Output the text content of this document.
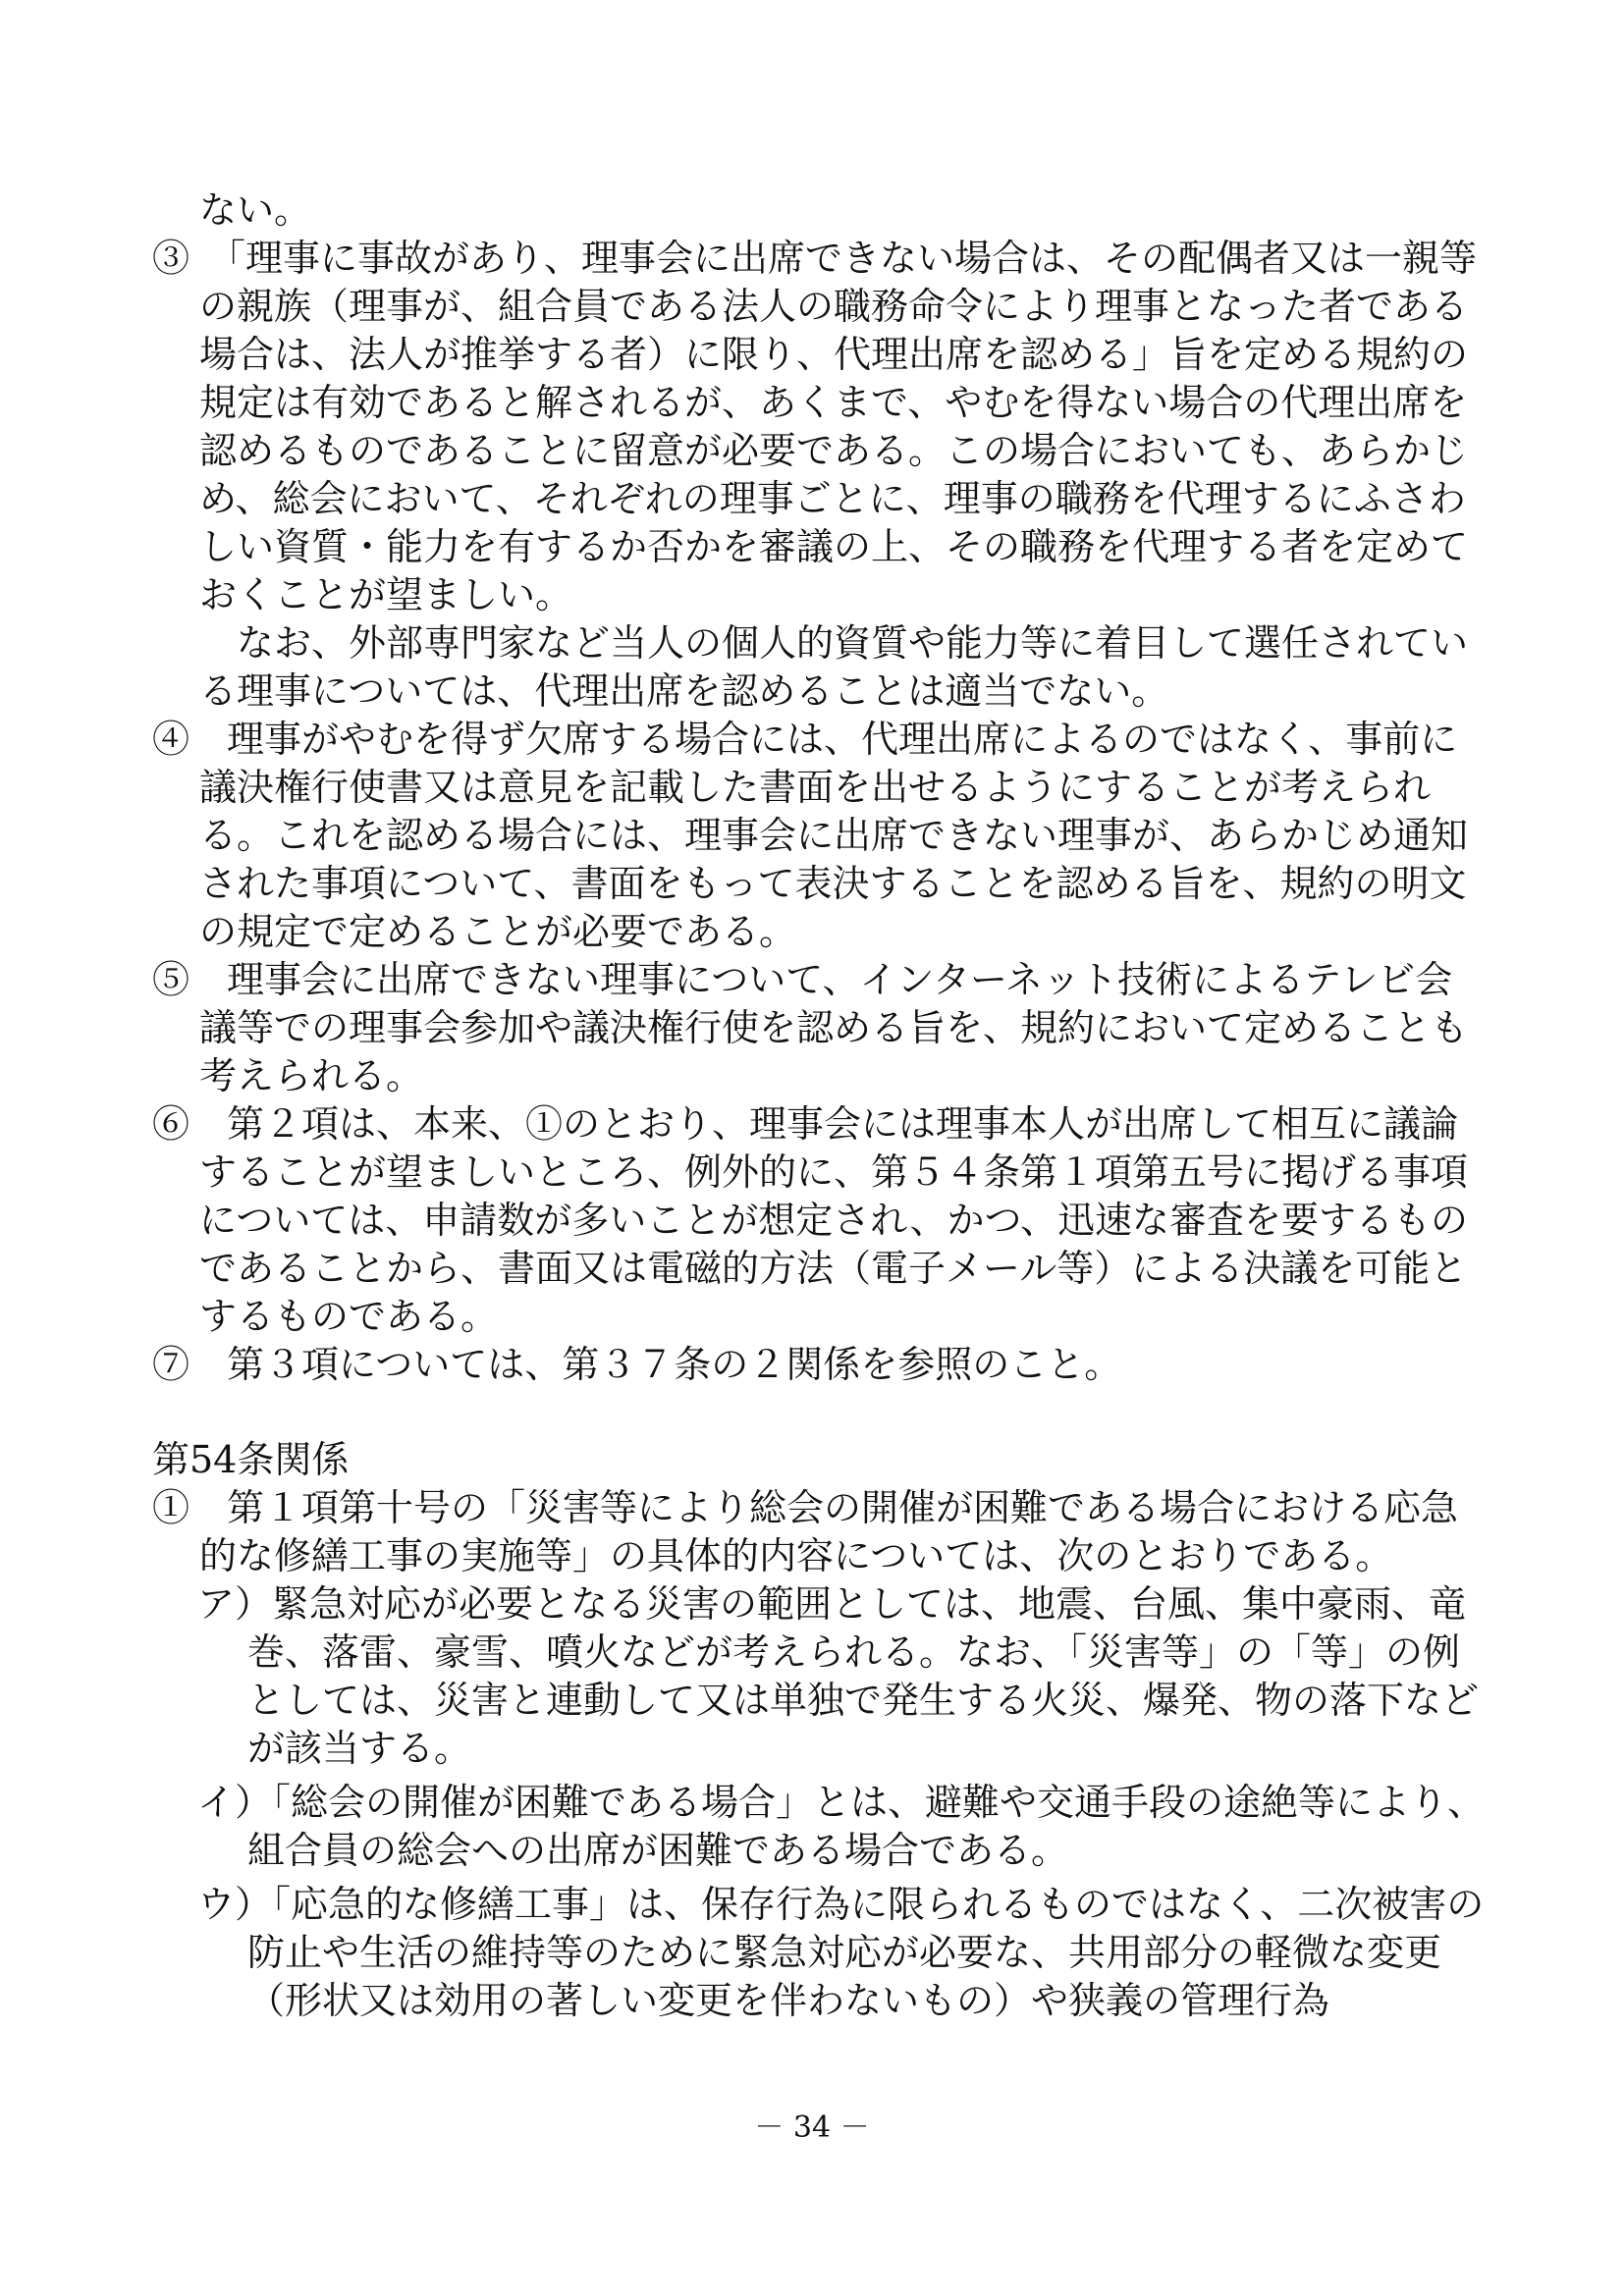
ない。

③　「理事に事故があり、理事会に出席できない場合は、その配偶者又は一親等の親族（理事が、組合員である法人の職務命令により理事となった者である場合は、法人が推挙する者）に限り、代理出席を認める」旨を定める規約の規定は有効であると解されるが、あくまで、やむを得ない場合の代理出席を認めるものであることに留意が必要である。この場合においても、あらかじめ、総会において、それぞれの理事ごとに、理事の職務を代理するにふさわしい資質・能力を有するか否かを審議の上、その職務を代理する者を定めておくことが望ましい。

なお、外部専門家など当人の個人的資質や能力等に着目して選任されている理事については、代理出席を認めることは適当でない。

④　理事がやむを得ず欠席する場合には、代理出席によるのではなく、事前に議決権行使書又は意見を記載した書面を出せるようにすることが考えられる。これを認める場合には、理事会に出席できない理事が、あらかじめ通知された事項について、書面をもって表決することを認める旨を、規約の明文の規定で定めることが必要である。

⑤　理事会に出席できない理事について、インターネット技術によるテレビ会議等での理事会参加や議決権行使を認める旨を、規約において定めることも考えられる。

⑥　第２項は、本来、①のとおり、理事会には理事本人が出席して相互に議論することが望ましいところ、例外的に、第５４条第１項第五号に掲げる事項については、申請数が多いことが想定され、かつ、迅速な審査を要するものであることから、書面又は電磁的方法（電子メール等）による決議を可能とするものである。

⑦　第３項については、第３７条の２関係を参照のこと。

第54条関係

①　第１項第十号の「災害等により総会の開催が困難である場合における応急的な修繕工事の実施等」の具体的内容については、次のとおりである。

ア）緊急対応が必要となる災害の範囲としては、地震、台風、集中豪雨、竜巻、落雷、豪雪、噴火などが考えられる。なお、「災害等」の「等」の例としては、災害と連動して又は単独で発生する火災、爆発、物の落下などが該当する。

イ）「総会の開催が困難である場合」とは、避難や交通手段の途絶等により、組合員の総会への出席が困難である場合である。

ウ）「応急的な修繕工事」は、保存行為に限られるものではなく、二次被害の防止や生活の維持等のために緊急対応が必要な、共用部分の軽微な変更（形状又は効用の著しい変更を伴わないもの）や狭義の管理行為

－ 34 －
